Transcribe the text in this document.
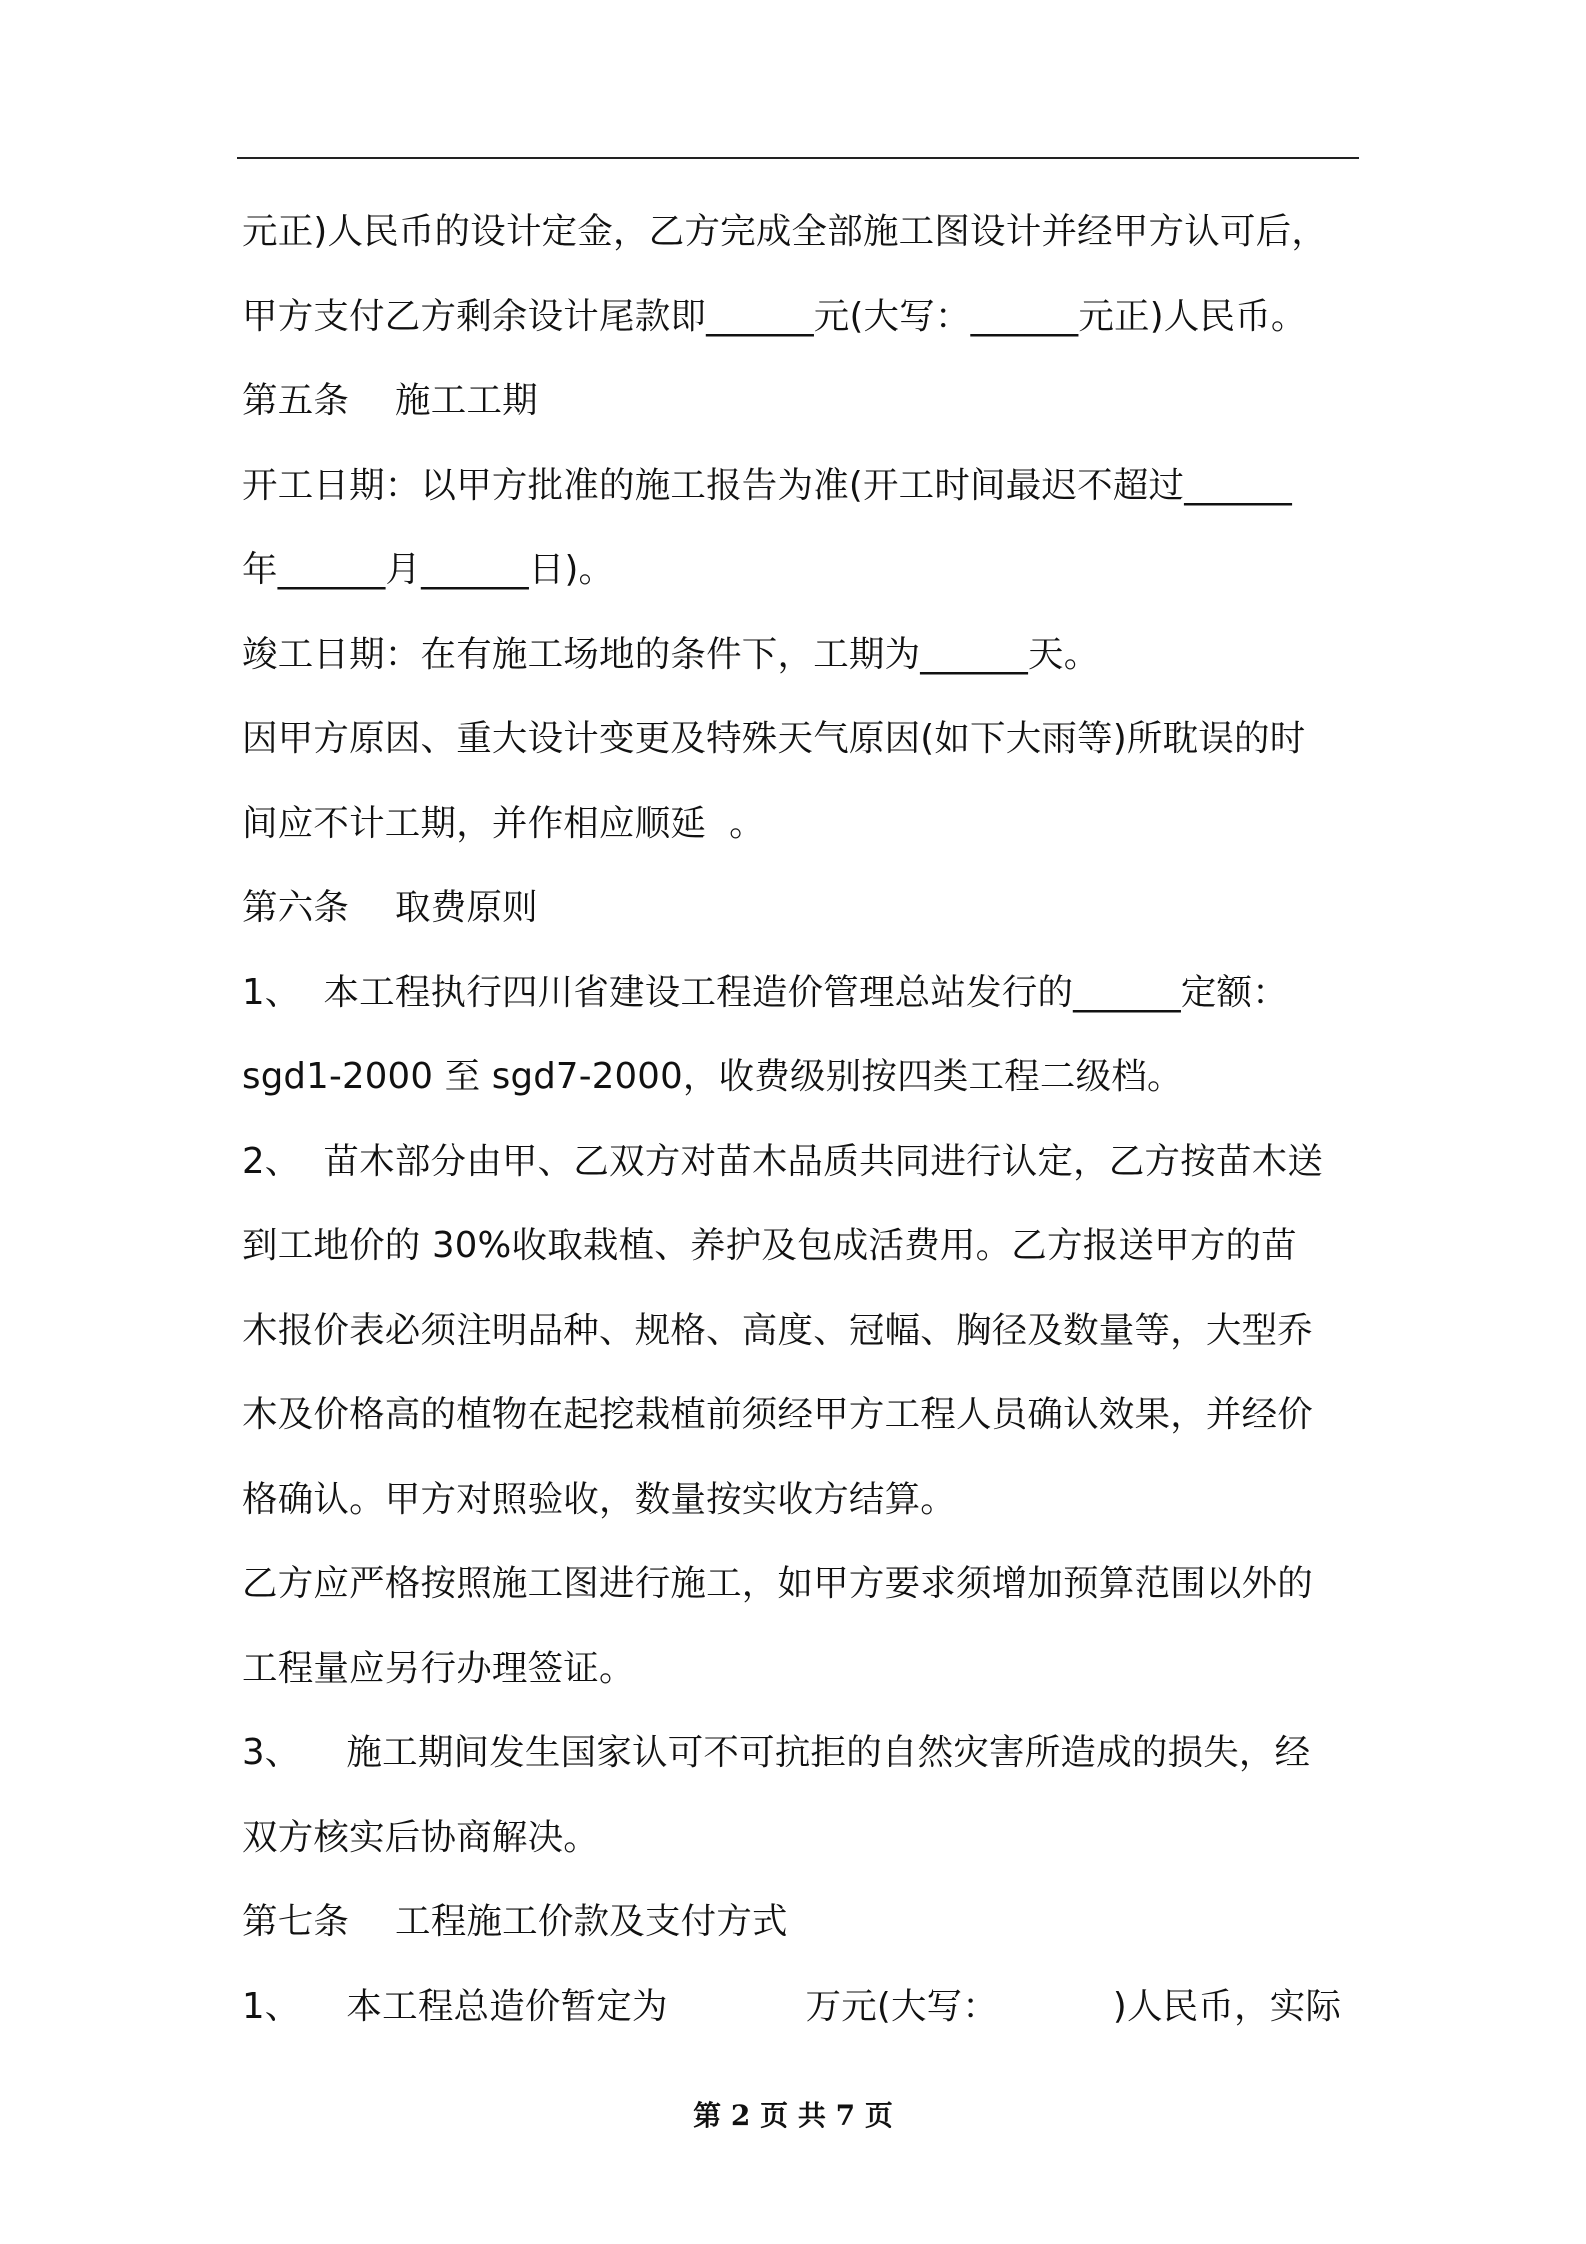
元正)人民币的设计定金，乙方完成全部施工图设计并经甲方认可后，
甲方支付乙方剩余设计尾款即______元(大写：______元正)人民币。
第五条    施工工期
开工日期：以甲方批准的施工报告为准(开工时间最迟不超过______
年______月______日)。
竣工日期：在有施工场地的条件下，工期为______天。
因甲方原因、重大设计变更及特殊天气原因(如下大雨等)所耽误的时
间应不计工期，并作相应顺延  。
第六条    取费原则
1、  本工程执行四川省建设工程造价管理总站发行的______定额：
sgd1-2000 至 sgd7-2000，收费级别按四类工程二级档。
2、  苗木部分由甲、乙双方对苗木品质共同进行认定，乙方按苗木送
到工地价的 30%收取栽植、养护及包成活费用。乙方报送甲方的苗
木报价表必须注明品种、规格、高度、冠幅、胸径及数量等，大型乔
木及价格高的植物在起挖栽植前须经甲方工程人员确认效果，并经价
格确认。甲方对照验收，数量按实收方结算。
乙方应严格按照施工图进行施工，如甲方要求须增加预算范围以外的
工程量应另行办理签证。
3、    施工期间发生国家认可不可抗拒的自然灾害所造成的损失，经
双方核实后协商解决。
第七条    工程施工价款及支付方式
1、    本工程总造价暂定为            万元(大写：          )人民币，实际
第 2 页 共 7 页
